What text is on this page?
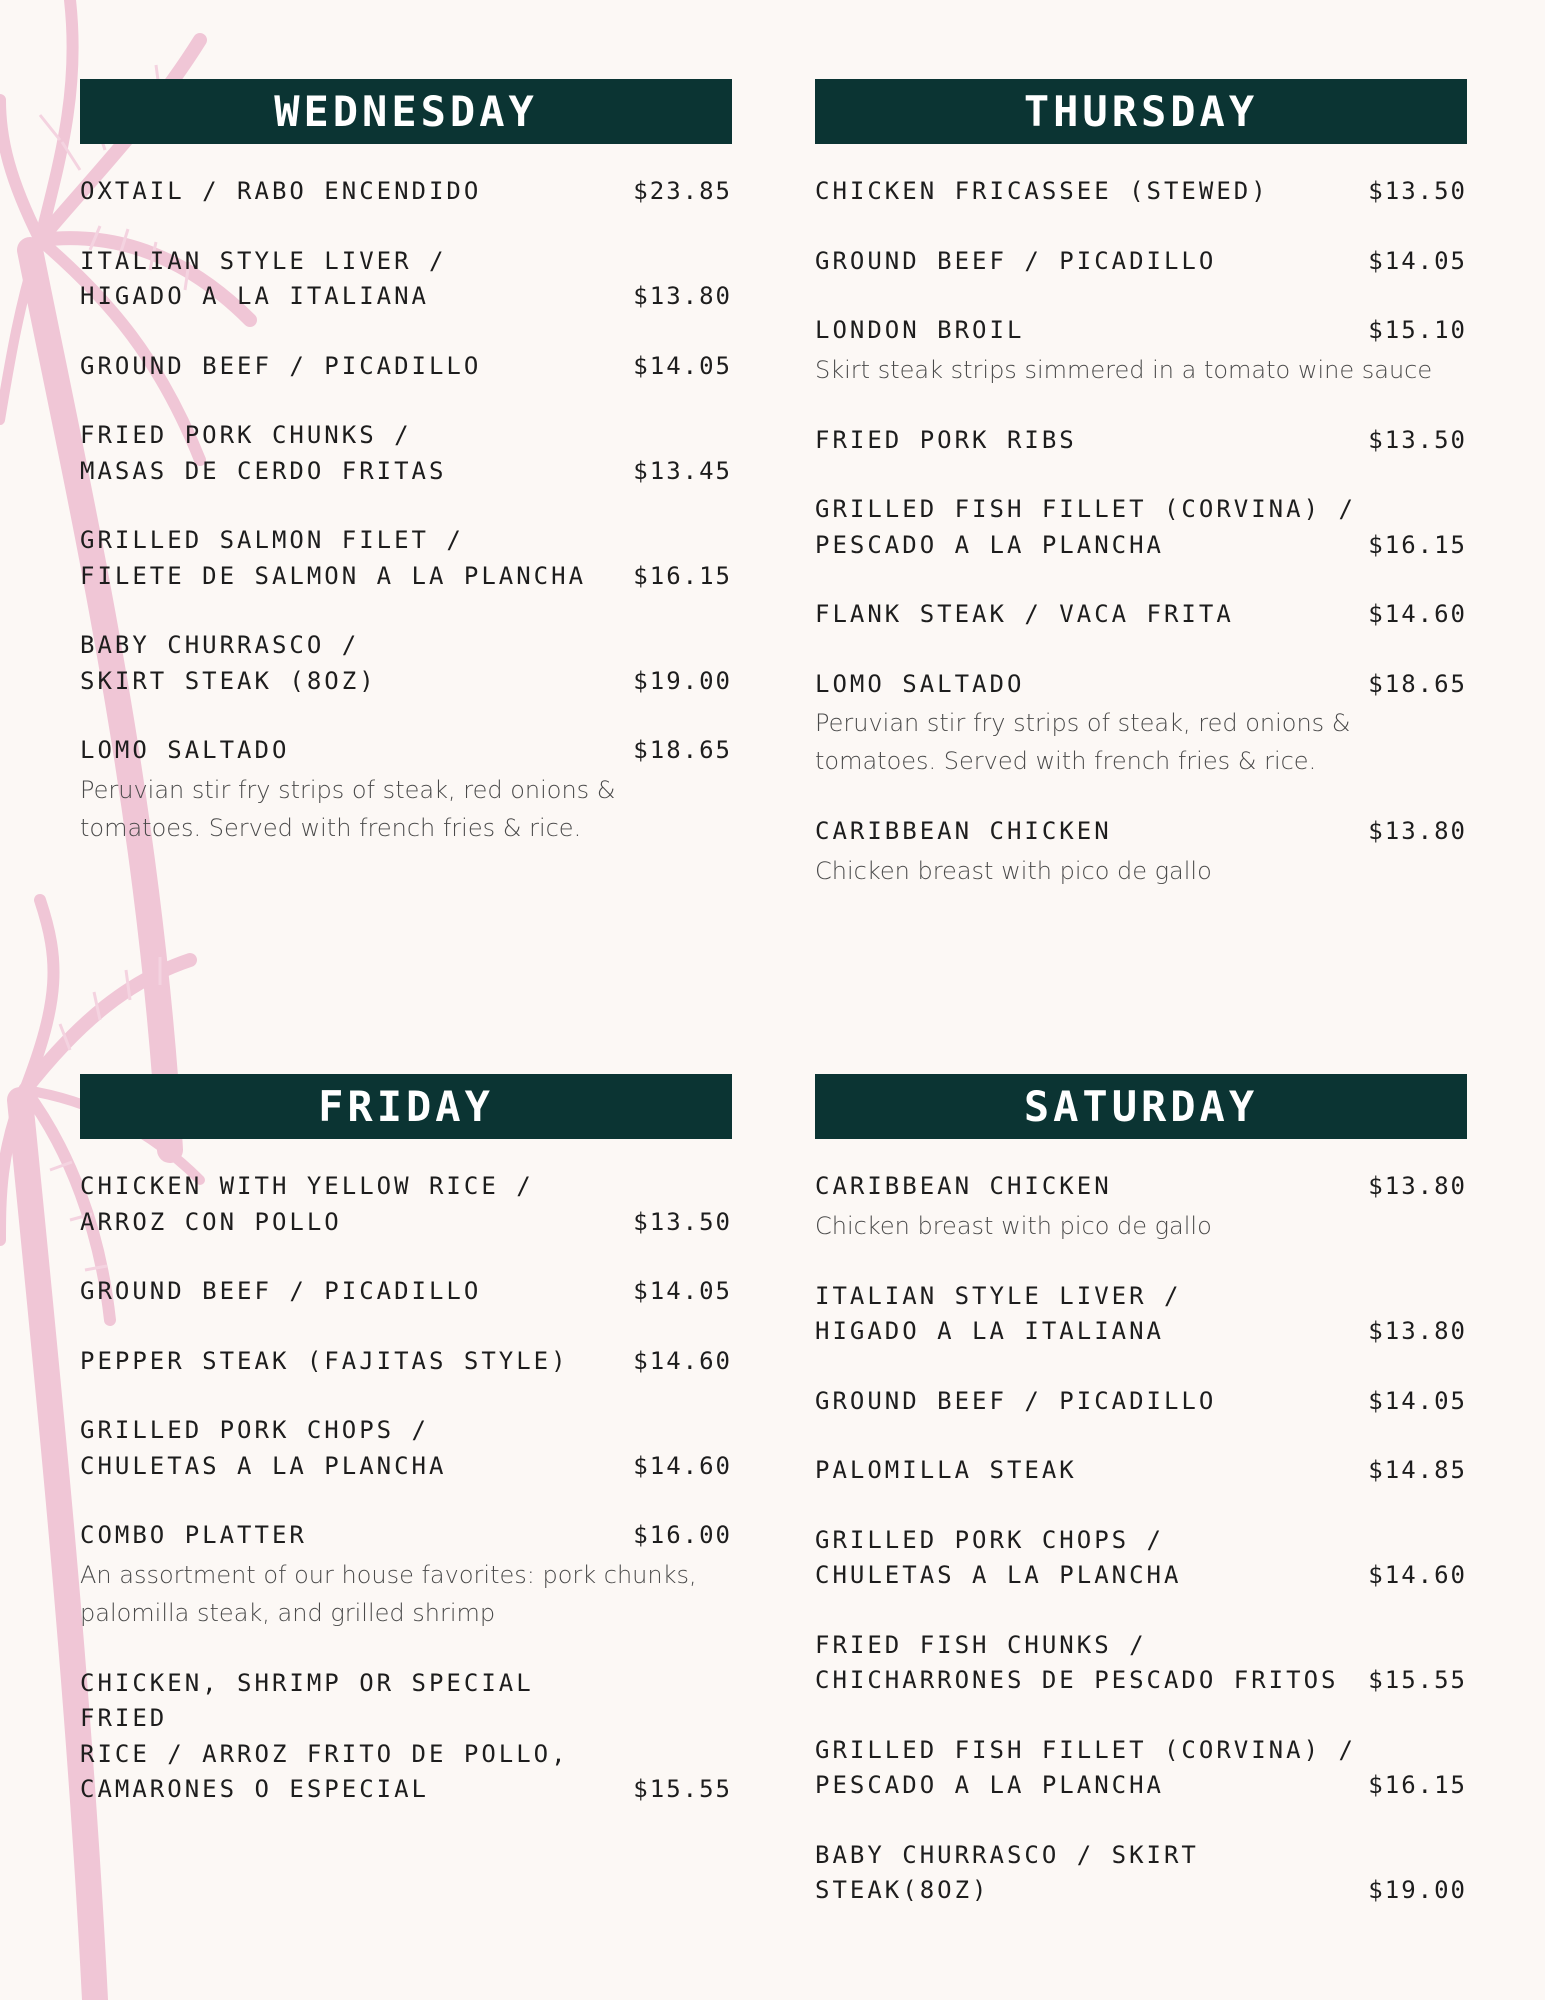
WEDNESDAY
OXTAIL / RABO ENCENDIDO	$23.85
ITALIAN STYLE LIVER /
HIGADO A LA ITALIANA	$13.80
GROUND BEEF / PICADILLO	$14.05
FRIED PORK CHUNKS /
MASAS DE CERDO FRITAS	$13.45
GRILLED SALMON FILET /
FILETE DE SALMON A LA PLANCHA	$16.15
BABY CHURRASCO /
SKIRT STEAK (8OZ)	$19.00
LOMO SALTADO	$18.65
Peruvian stir fry strips of steak, red onions & tomatoes. Served with french fries & rice.
THURSDAY
CHICKEN FRICASSEE (STEWED)	$13.50
GROUND BEEF / PICADILLO	$14.05
LONDON BROIL	$15.10
Skirt steak strips simmered in a tomato wine sauce
FRIED PORK RIBS	$13.50
GRILLED FISH FILLET (CORVINA) /
PESCADO A LA PLANCHA	$16.15
FLANK STEAK / VACA FRITA	$14.60
LOMO SALTADO	$18.65
Peruvian stir fry strips of steak, red onions & tomatoes. Served with french fries & rice.
CARIBBEAN CHICKEN	$13.80
Chicken breast with pico de gallo
FRIDAY
CHICKEN WITH YELLOW RICE /
ARROZ CON POLLO	$13.50
GROUND BEEF / PICADILLO	$14.05
PEPPER STEAK (FAJITAS STYLE)	$14.60
GRILLED PORK CHOPS /
CHULETAS A LA PLANCHA	$14.60
COMBO PLATTER	$16.00
An assortment of our house favorites: pork chunks, palomilla steak, and grilled shrimp
CHICKEN, SHRIMP OR SPECIAL FRIED
RICE / ARROZ FRITO DE POLLO,
CAMARONES O ESPECIAL	$15.55
SATURDAY
CARIBBEAN CHICKEN	$13.80
Chicken breast with pico de gallo
ITALIAN STYLE LIVER /
HIGADO A LA ITALIANA	$13.80
GROUND BEEF / PICADILLO	$14.05
PALOMILLA STEAK	$14.85
GRILLED PORK CHOPS /
CHULETAS A LA PLANCHA	$14.60
FRIED FISH CHUNKS /
CHICHARRONES DE PESCADO FRITOS	$15.55
GRILLED FISH FILLET (CORVINA) /
PESCADO A LA PLANCHA	$16.15
BABY CHURRASCO / SKIRT STEAK(8OZ)	$19.00
